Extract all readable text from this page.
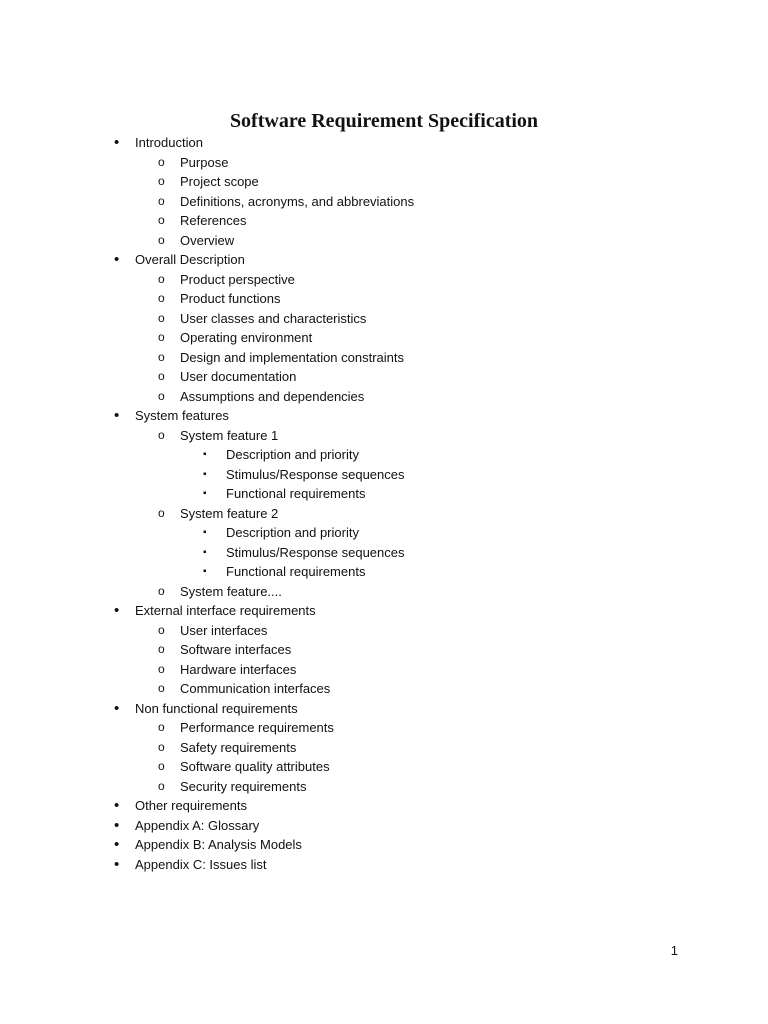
Software Requirement Specification
• Introduction
o Purpose
o Project scope
o Definitions, acronyms, and abbreviations
o References
o Overview
• Overall Description
o Product perspective
o Product functions
o User classes and characteristics
o Operating environment
o Design and implementation constraints
o User documentation
o Assumptions and dependencies
• System features
o System feature 1
▪ Description and priority
▪ Stimulus/Response sequences
▪ Functional requirements
o System feature 2
▪ Description and priority
▪ Stimulus/Response sequences
▪ Functional requirements
o System feature....
• External interface requirements
o User interfaces
o Software interfaces
o Hardware interfaces
o Communication interfaces
• Non functional requirements
o Performance requirements
o Safety requirements
o Software quality attributes
o Security requirements
• Other requirements
• Appendix A: Glossary
• Appendix B: Analysis Models
• Appendix C: Issues list
1
